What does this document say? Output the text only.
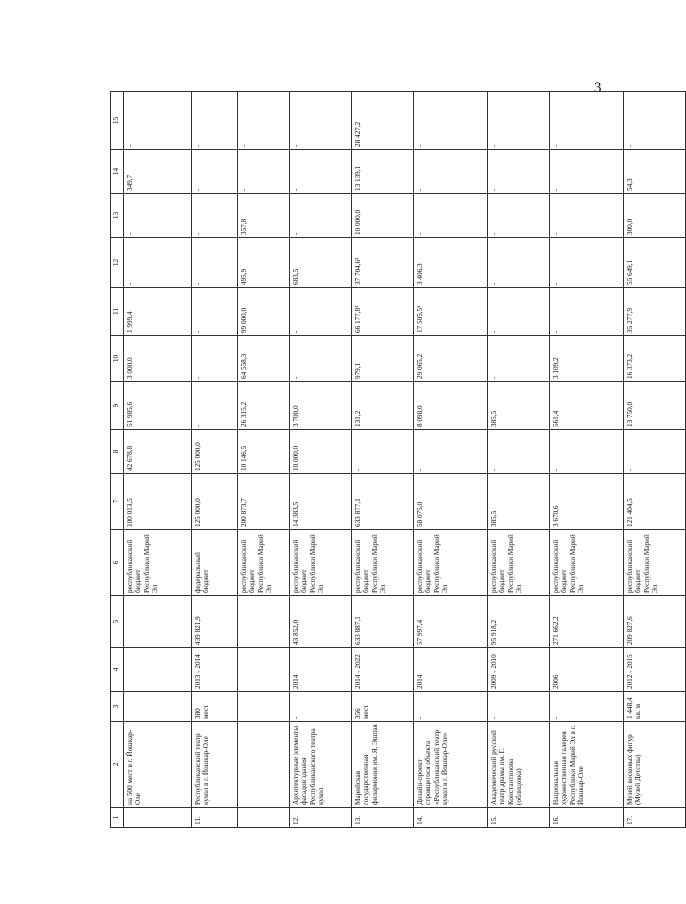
3
1	2	3	4	5	6	7	8	9	10	11	12	13	14	15
	на 500 мест в г. Йошкар-Оле				республиканский бюджет Республики Марий Эл	100 013,5	42 678,8	51 985,6	3 000,0	1 999,4	-	-	349,7	-
11.	Республиканский театр кукол в г. Йошкар-Оле	380 мест	2013 - 2014	439 821,9	федеральный бюджет	125 000,0	125 000,0	-	-	-	-	-	-	-
					республиканский бюджет Республики Марий Эл	200 873,7	10 146,5	26 315,2	64 558,3	99 000,0	495,9	357,8	-	-
12.	Архитектурные элементы фасадов здания Республиканского театра кукол	-	2014	43 852,0	республиканский бюджет Республики Марий Эл	14 383,5	10 000,0	3 700,0	-	-	683,5	-	-	-
13.	Марийская государственная филармония им. Я. Эшпая	356 мест	2014 - 2022	633 887,1	республиканский бюджет Республики Марий Эл	633 877,1	-	131,2	979,1	66 177,8¹	37 704,6¹	10 000,0	13 139,1	28 427,2
14.	Дизайн-проект строящегося объекта «Республиканский театр кукол в г. Йошкар-Оле»	-	2014	57 997,4	республиканский бюджет Республики Марий Эл	58 075,0	-	8 098,0	29 065,2	17 505,5¹	3 406,3	-	-	-
15.	Академический русский театр драмы им. Г. Константинова (облицовка)	-	2009 - 2010	95 918,2	республиканский бюджет Республики Марий Эл	385,5	-	385,5	-	-	-	-	-	-
16.	Национальная художественная галерея Республики Марий Эл в г. Йошкар-Оле	-	2006	271 662,2	республиканский бюджет Республики Марий Эл	3 670,6	-	561,4	3 109,2	-	-	-	-	-
17.	Музей восковых фигур (Музей Детства)	1 448,4 кв. м	2012 - 2015	209 827,6	республиканский бюджет Республики Марий Эл	121 404,5	-	13 750,0	16 373,2	35 277,9	55 649,1	300,0	54,3	-
